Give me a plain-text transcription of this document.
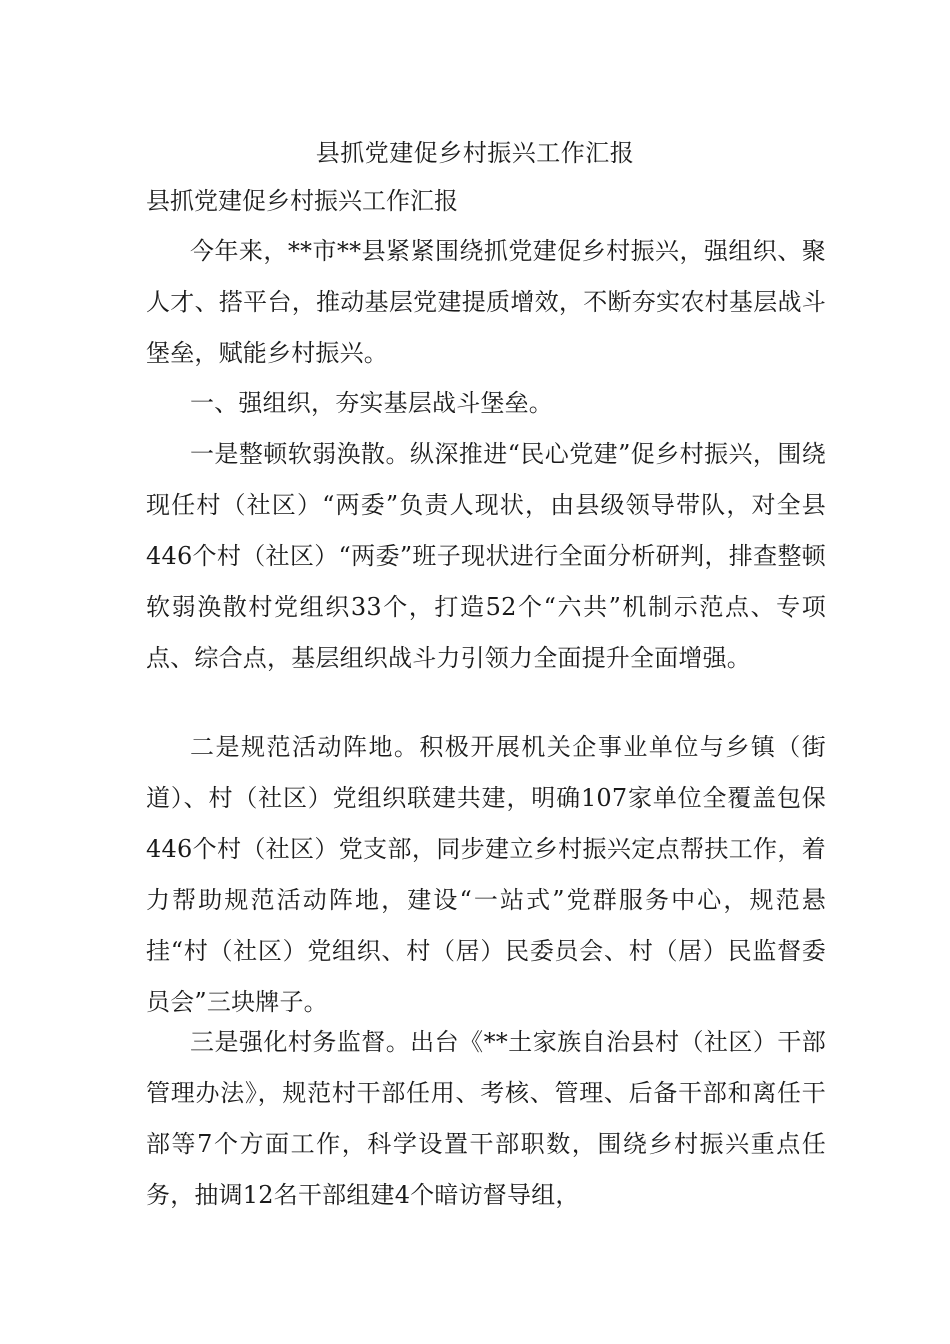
县抓党建促乡村振兴工作汇报
县抓党建促乡村振兴工作汇报

今年来，**市**县紧紧围绕抓党建促乡村振兴，强组织、聚人才、搭平台，推动基层党建提质增效，不断夯实农村基层战斗堡垒，赋能乡村振兴。

一、强组织，夯实基层战斗堡垒。

一是整顿软弱涣散。纵深推进“民心党建”促乡村振兴，围绕现任村（社区）“两委”负责人现状，由县级领导带队，对全县446个村（社区）“两委”班子现状进行全面分析研判，排查整顿软弱涣散村党组织33个，打造52个“六共”机制示范点、专项点、综合点，基层组织战斗力引领力全面提升全面增强。

二是规范活动阵地。积极开展机关企事业单位与乡镇（街道）、村（社区）党组织联建共建，明确107家单位全覆盖包保446个村（社区）党支部，同步建立乡村振兴定点帮扶工作，着力帮助规范活动阵地，建设“一站式”党群服务中心，规范悬挂“村（社区）党组织、村（居）民委员会、村（居）民监督委员会”三块牌子。

三是强化村务监督。出台《**土家族自治县村（社区）干部管理办法》，规范村干部任用、考核、管理、后备干部和离任干部等7个方面工作，科学设置干部职数，围绕乡村振兴重点任务，抽调12名干部组建4个暗访督导组，
